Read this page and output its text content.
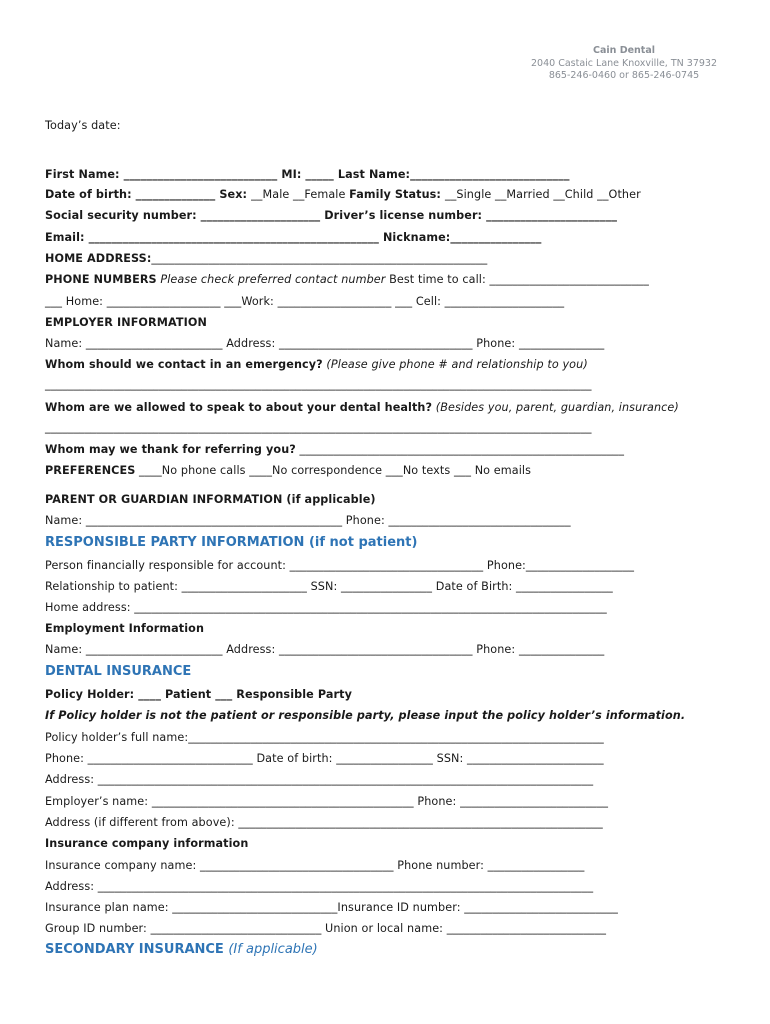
Cain Dental
2040 Castaic Lane Knoxville, TN 37932
865-246-0460 or 865-246-0745
Today’s date:
First Name: ___________________________ MI: _____ Last Name:____________________________
Date of birth: ______________ Sex: __Male __Female Family Status: __Single __Married __Child __Other
Social security number: _____________________ Driver’s license number: _______________________
Email: ___________________________________________________ Nickname:________________
HOME ADDRESS:___________________________________________________________
PHONE NUMBERS Please check preferred contact number Best time to call: ____________________________
___ Home: ____________________ ___Work: ____________________ ___ Cell: _____________________
EMPLOYER INFORMATION
Name: ________________________ Address: __________________________________ Phone: _______________
Whom should we contact in an emergency? (Please give phone # and relationship to you)
________________________________________________________________________________________________
Whom are we allowed to speak to about your dental health? (Besides you, parent, guardian, insurance)
________________________________________________________________________________________________
Whom may we thank for referring you? _________________________________________________________
PREFERENCES ____No phone calls ____No correspondence ___No texts ___ No emails
PARENT OR GUARDIAN INFORMATION (if applicable)
Name: _____________________________________________ Phone: ________________________________
RESPONSIBLE PARTY INFORMATION (if not patient)
Person financially responsible for account: __________________________________ Phone:___________________
Relationship to patient: ______________________ SSN: ________________ Date of Birth: _________________
Home address: ___________________________________________________________________________________
Employment Information
Name: ________________________ Address: __________________________________ Phone: _______________
DENTAL INSURANCE
Policy Holder: ____ Patient ___ Responsible Party
If Policy holder is not the patient or responsible party, please input the policy holder’s information.
Policy holder’s full name:_________________________________________________________________________
Phone: _____________________________ Date of birth: _________________ SSN: ________________________
Address: _______________________________________________________________________________________
Employer’s name: ______________________________________________ Phone: __________________________
Address (if different from above): ________________________________________________________________
Insurance company information
Insurance company name: __________________________________ Phone number: _________________
Address: _______________________________________________________________________________________
Insurance plan name: _____________________________Insurance ID number: ___________________________
Group ID number: ______________________________ Union or local name: ____________________________
SECONDARY INSURANCE (If applicable)
